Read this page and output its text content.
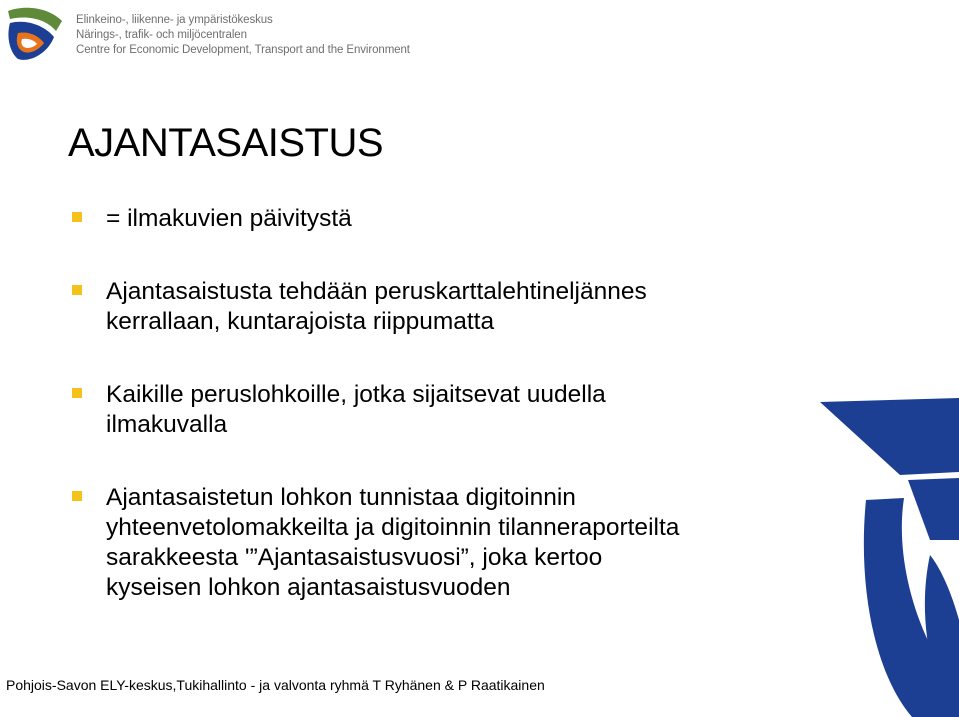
Elinkeino-, liikenne- ja ympäristökeskus
Närings-, trafik- och miljöcentralen
Centre for Economic Development, Transport and the Environment
AJANTASAISTUS
= ilmakuvien päivitystä
Ajantasaistusta tehdään peruskarttalehtineljännes
kerrallaan, kuntarajoista riippumatta
Kaikille peruslohkoille, jotka sijaitsevat uudella
ilmakuvalla
Ajantasaistetun lohkon tunnistaa digitoinnin
yhteenvetolomakkeilta ja digitoinnin tilanneraporteilta
sarakkeesta '”Ajantasaistusvuosi”, joka kertoo
kyseisen lohkon ajantasaistusvuoden
Pohjois-Savon ELY-keskus,Tukihallinto - ja valvonta ryhmä T Ryhänen & P Raatikainen
